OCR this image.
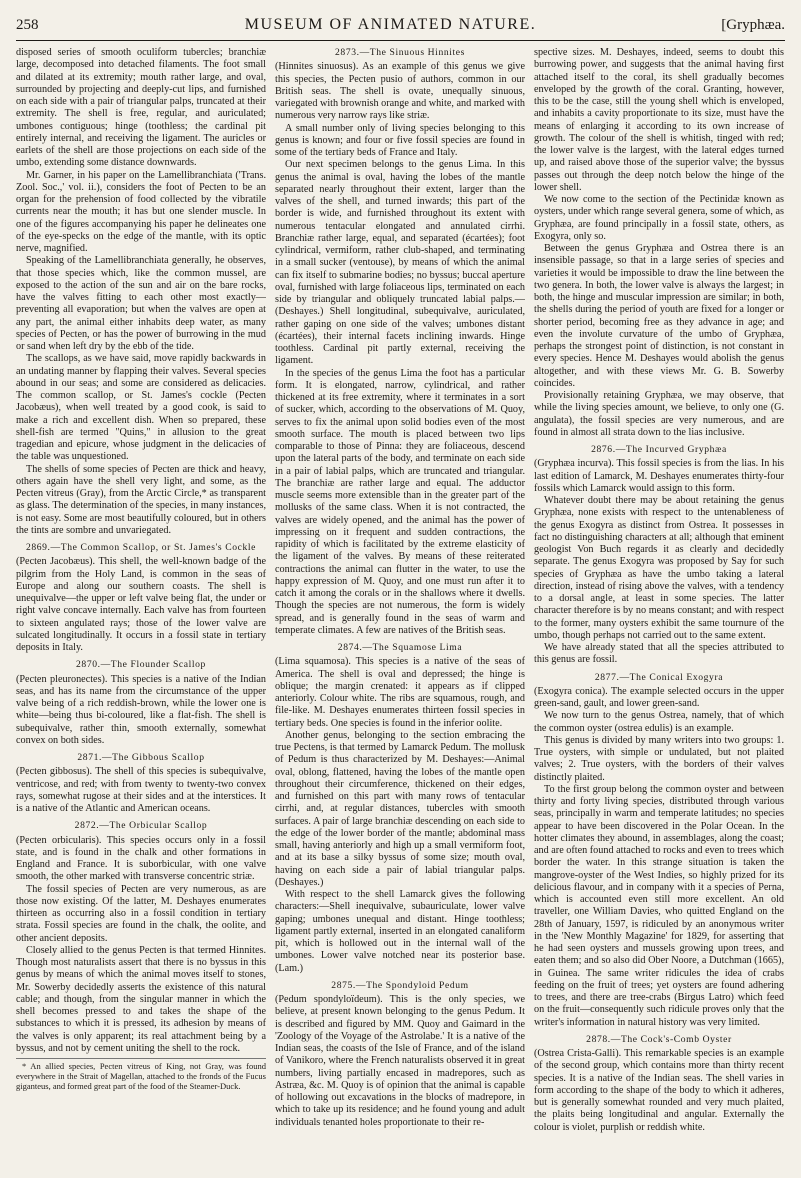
258	MUSEUM OF ANIMATED NATURE.	[Gryphæa.

disposed series of smooth oculiform tubercles; branchiæ large, decomposed into detached filaments. The foot small and dilated at its extremity; mouth rather large, and oval, surrounded by projecting and deeply-cut lips, and furnished on each side with a pair of triangular palps, truncated at their extremity. The shell is free, regular, and auriculated; umbones contiguous; hinge (toothless; the cardinal pit entirely internal, and receiving the ligament. The auricles or earlets of the shell are those projections on each side of the umbo, extending some distance downwards.

Mr. Garner, in his paper on the Lamellibranchiata ('Trans. Zool. Soc.,' vol. ii.), considers the foot of Pecten to be an organ for the prehension of food collected by the vibratile currents near the mouth; it has but one slender muscle. In one of the figures accompanying his paper he delineates one of the eye-specks on the edge of the mantle, with its optic nerve, magnified.

Speaking of the Lamellibranchiata generally, he observes, that those species which, like the common mussel, are exposed to the action of the sun and air on the bare rocks, have the valves fitting to each other most exactly—preventing all evaporation; but when the valves are open at any part, the animal either inhabits deep water, as many species of Pecten, or has the power of burrowing in the mud or sand when left dry by the ebb of the tide.

The scallops, as we have said, move rapidly backwards in an undating manner by flapping their valves. Several species abound in our seas; and some are considered as delicacies. The common scallop, or St. James's cockle (Pecten Jacobæus), when well treated by a good cook, is said to make a rich and excellent dish. When so prepared, these shell-fish are termed "Quins," in allusion to the great tragedian and epicure, whose judgment in the delicacies of the table was unquestioned.

The shells of some species of Pecten are thick and heavy, others again have the shell very light, and some, as the Pecten vitreus (Gray), from the Arctic Circle,* as transparent as glass. The determination of the species, in many instances, is not easy. Some are most beautifully coloured, but in others the tints are sombre and unvariegated.

2869.—The Common Scallop, or St. James's Cockle

(Pecten Jacobæus). This shell, the well-known badge of the pilgrim from the Holy Land, is common in the seas of Europe and along our southern coasts. The shell is unequivalve—the upper or left valve being flat, the under or right valve concave internally. Each valve has from fourteen to sixteen angulated rays; those of the lower valve are sulcated longitudinally. It occurs in a fossil state in tertiary deposits in Italy.

2870.—The Flounder Scallop

(Pecten pleuronectes). This species is a native of the Indian seas, and has its name from the circumstance of the upper valve being of a rich reddish-brown, while the lower one is white—being thus bi-coloured, like a flat-fish. The shell is subequivalve, rather thin, smooth externally, somewhat convex on both sides.

2871.—The Gibbous Scallop

(Pecten gibbosus). The shell of this species is subequivalve, ventricose, and red; with from twenty to twenty-two convex rays, somewhat rugose at their sides and at the interstices. It is a native of the Atlantic and American oceans.

2872.—The Orbicular Scallop

(Pecten orbicularis). This species occurs only in a fossil state, and is found in the chalk and other formations in England and France. It is suborbicular, with one valve smooth, the other marked with transverse concentric striæ.

The fossil species of Pecten are very numerous, as are those now existing. Of the latter, M. Deshayes enumerates thirteen as occurring also in a fossil condition in tertiary strata. Fossil species are found in the chalk, the oolite, and other ancient deposits.

Closely allied to the genus Pecten is that termed Hinnites. Though most naturalists assert that there is no byssus in this genus by means of which the animal moves itself to stones, Mr. Sowerby decidedly asserts the existence of this natural cable; and though, from the singular manner in which the shell becomes pressed to and takes the shape of the substances to which it is pressed, its adhesion by means of the valves is only apparent; its real attachment being by a byssus, and not by cement uniting the shell to the rock.

* An allied species, Pecten vitreus of King, not Gray, was found everywhere in the Strait of Magellan, attached to the fronds of the Fucus giganteus, and formed great part of the food of the Steamer-Duck.

2873.—The Sinuous Hinnites

(Hinnites sinuosus). As an example of this genus we give this species, the Pecten pusio of authors, common in our British seas. The shell is ovate, unequally sinuous, variegated with brownish orange and white, and marked with numerous very narrow rays like striæ.

A small number only of living species belonging to this genus is known; and four or five fossil species are found in some of the tertiary beds of France and Italy.

Our next specimen belongs to the genus Lima. In this genus the animal is oval, having the lobes of the mantle separated nearly throughout their extent, larger than the valves of the shell, and turned inwards; this part of the border is wide, and furnished throughout its extent with numerous tentacular elongated and annulated cirrhi. Branchiæ rather large, equal, and separated (écartées); foot cylindrical, vermiform, rather club-shaped, and terminating in a small sucker (ventouse), by means of which the animal can fix itself to submarine bodies; no byssus; buccal aperture oval, furnished with large foliaceous lips, terminated on each side by triangular and obliquely truncated labial palps.—(Deshayes.) Shell longitudinal, subequivalve, auriculated, rather gaping on one side of the valves; umbones distant (écartées), their internal facets inclining inwards. Hinge toothless. Cardinal pit partly external, receiving the ligament.

In the species of the genus Lima the foot has a particular form. It is elongated, narrow, cylindrical, and rather thickened at its free extremity, where it terminates in a sort of sucker, which, according to the observations of M. Quoy, serves to fix the animal upon solid bodies even of the most smooth surface. The mouth is placed between two lips comparable to those of Pinna: they are foliaceous, descend upon the lateral parts of the body, and terminate on each side in a pair of labial palps, which are truncated and triangular. The branchiæ are rather large and equal. The adductor muscle seems more extensible than in the greater part of the mollusks of the same class. When it is not contracted, the valves are widely opened, and the animal has the power of impressing on it frequent and sudden contractions, the rapidity of which is facilitated by the extreme elasticity of the ligament of the valves. By means of these reiterated contractions the animal can flutter in the water, to use the happy expression of M. Quoy, and one must run after it to catch it among the corals or in the shallows where it dwells. Though the species are not numerous, the form is widely spread, and is generally found in the seas of warm and temperate climates. A few are natives of the British seas.

2874.—The Squamose Lima

(Lima squamosa). This species is a native of the seas of America. The shell is oval and depressed; the hinge is oblique; the margin crenated: it appears as if clipped anteriorly. Colour white. The ribs are squamous, rough, and file-like. M. Deshayes enumerates thirteen fossil species in tertiary beds. One species is found in the inferior oolite.

Another genus, belonging to the section embracing the true Pectens, is that termed by Lamarck Pedum. The mollusk of Pedum is thus characterized by M. Deshayes:—Animal oval, oblong, flattened, having the lobes of the mantle open throughout their circumference, thickened on their edges, and furnished on this part with many rows of tentacular cirrhi, and, at regular distances, tubercles with smooth surfaces. A pair of large branchiæ descending on each side to the edge of the lower border of the mantle; abdominal mass small, having anteriorly and high up a small vermiform foot, and at its base a silky byssus of some size; mouth oval, having on each side a pair of labial triangular palps. (Deshayes.)

With respect to the shell Lamarck gives the following characters:—Shell inequivalve, subauriculate, lower valve gaping; umbones unequal and distant. Hinge toothless; ligament partly external, inserted in an elongated canaliform pit, which is hollowed out in the internal wall of the umbones. Lower valve notched near its posterior base. (Lam.)

2875.—The Spondyloid Pedum

(Pedum spondyloïdeum). This is the only species, we believe, at present known belonging to the genus Pedum. It is described and figured by MM. Quoy and Gaimard in the 'Zoology of the Voyage of the Astrolabe.' It is a native of the Indian seas, the coasts of the Isle of France, and of the island of Vanikoro, where the French naturalists observed it in great numbers, living partially encased in madrepores, such as Astræa, &c. M. Quoy is of opinion that the animal is capable of hollowing out excavations in the blocks of madrepore, in which to take up its residence; and he found young and adult individuals tenanted holes proportionate to their re-

spective sizes. M. Deshayes, indeed, seems to doubt this burrowing power, and suggests that the animal having first attached itself to the coral, its shell gradually becomes enveloped by the growth of the coral. Granting, however, this to be the case, still the young shell which is enveloped, and inhabits a cavity proportionate to its size, must have the means of enlarging it according to its own increase of growth. The colour of the shell is whitish, tinged with red; the lower valve is the largest, with the lateral edges turned up, and raised above those of the superior valve; the byssus passes out through the deep notch below the hinge of the lower shell.

We now come to the section of the Pectinidæ known as oysters, under which range several genera, some of which, as Gryphæa, are found principally in a fossil state, others, as Exogyra, only so.

Between the genus Gryphæa and Ostrea there is an insensible passage, so that in a large series of species and varieties it would be impossible to draw the line between the two genera. In both, the lower valve is always the largest; in both, the hinge and muscular impression are similar; in both, the shells during the period of youth are fixed for a longer or shorter period, becoming free as they advance in age; and even the involute curvature of the umbo of Gryphæa, perhaps the strongest point of distinction, is not constant in every species. Hence M. Deshayes would abolish the genus altogether, and with these views Mr. G. B. Sowerby coincides.

Provisionally retaining Gryphæa, we may observe, that while the living species amount, we believe, to only one (G. angulata), the fossil species are very numerous, and are found in almost all strata down to the lias inclusive.

2876.—The Incurved Gryphæa

(Gryphæa incurva). This fossil species is from the lias. In his last edition of Lamarck, M. Deshayes enumerates thirty-four fossils which Lamarck would assign to this form.

Whatever doubt there may be about retaining the genus Gryphæa, none exists with respect to the untenableness of the genus Exogyra as distinct from Ostrea. It possesses in fact no distinguishing characters at all; although that eminent geologist Von Buch regards it as clearly and decidedly separate. The genus Exogyra was proposed by Say for such species of Gryphæa as have the umbo taking a lateral direction, instead of rising above the valves, with a tendency to a dorsal angle, at least in some species. The latter character therefore is by no means constant; and with respect to the former, many oysters exhibit the same tournure of the umbo, though perhaps not carried out to the same extent.

We have already stated that all the species attributed to this genus are fossil.

2877.—The Conical Exogyra

(Exogyra conica). The example selected occurs in the upper green-sand, gault, and lower green-sand.

We now turn to the genus Ostrea, namely, that of which the common oyster (ostrea edulis) is an example.

This genus is divided by many writers into two groups: 1. True oysters, with simple or undulated, but not plaited valves; 2. True oysters, with the borders of their valves distinctly plaited.

To the first group belong the common oyster and between thirty and forty living species, distributed through various seas, principally in warm and temperate latitudes; no species appear to have been discovered in the Polar Ocean. In the hotter climates they abound, in assemblages, along the coast; and are often found attached to rocks and even to trees which border the water. In this strange situation is taken the mangrove-oyster of the West Indies, so highly prized for its delicious flavour, and in company with it a species of Perna, which is accounted even still more excellent. An old traveller, one William Davies, who quitted England on the 28th of January, 1597, is ridiculed by an anonymous writer in the 'New Monthly Magazine' for 1829, for asserting that he had seen oysters and mussels growing upon trees, and eaten them; and so also did Ober Noore, a Dutchman (1665), in Guinea. The same writer ridicules the idea of crabs feeding on the fruit of trees; yet oysters are found adhering to trees, and there are tree-crabs (Birgus Latro) which feed on the fruit—consequently such ridicule proves only that the writer's information in natural history was very limited.

2878.—The Cock's-Comb Oyster

(Ostrea Crista-Galli). This remarkable species is an example of the second group, which contains more than thirty recent species. It is a native of the Indian seas. The shell varies in form according to the shape of the body to which it adheres, but is generally somewhat rounded and very much plaited, the plaits being longitudinal and angular. Externally the colour is violet, purplish or reddish white.
